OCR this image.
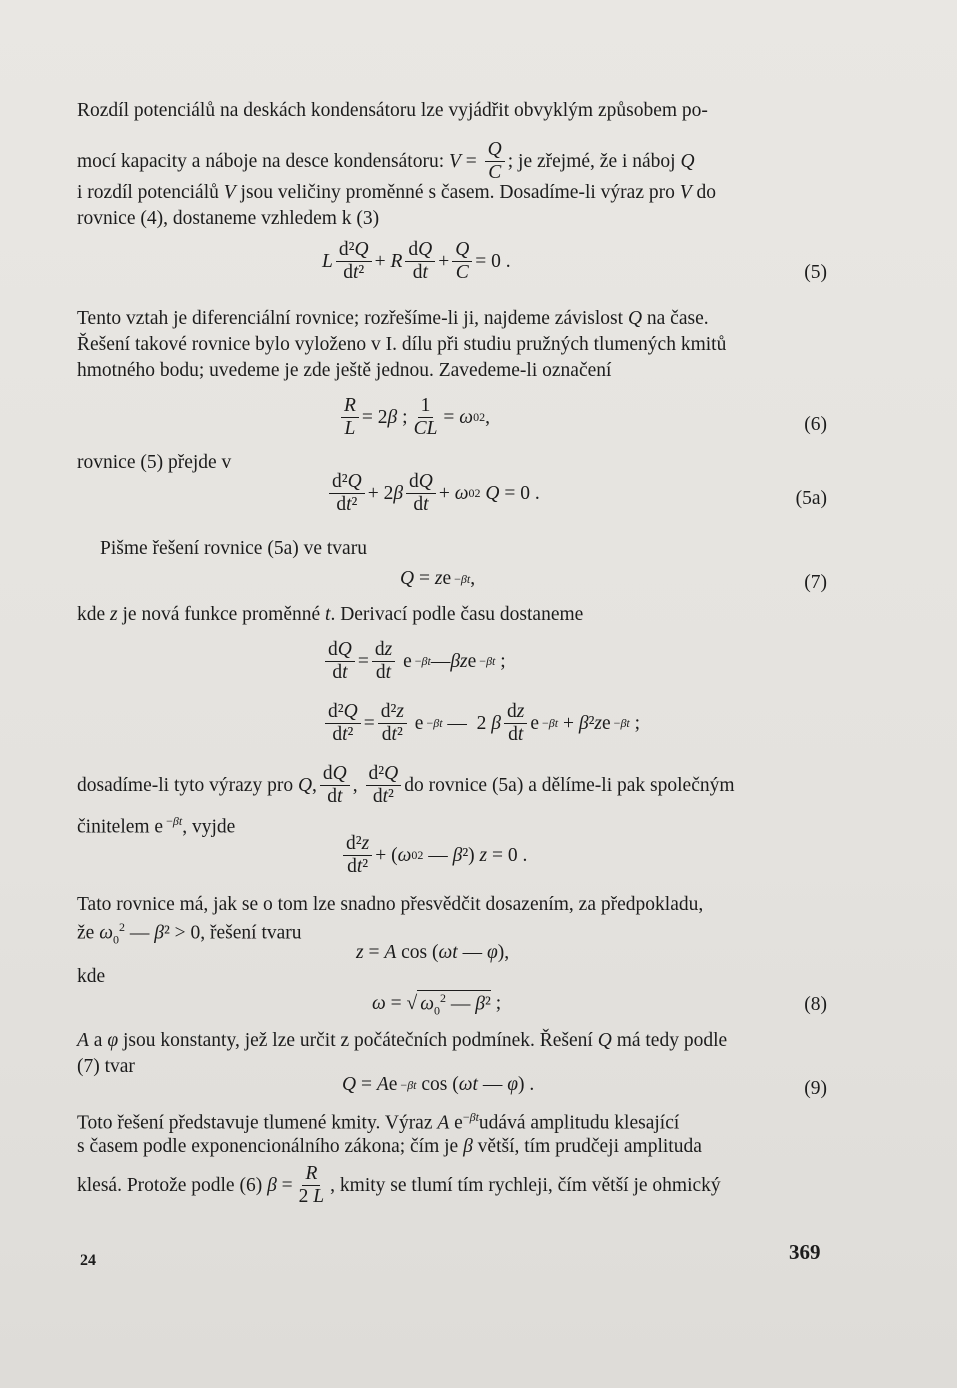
Rozdíl potenciálů na deskách kondensátoru lze vyjádřit obvyklým způsobem po-
mocí kapacity a náboje na desce kondensátoru: $V = \frac{Q}{C}$ ; je zřejmé, že i náboj Q
i rozdíl potenciálů V jsou veličiny proměnné s časem. Dosadíme-li výraz pro V do
rovnice (4), dostaneme vzhledem k (3)
L $\frac{\text{d²Q}}{\text{dt²}} + R \frac{dQ}{dt} + \frac{Q}{C} = 0$ .
(5)
Tento vztah je diferenciální rovnice; rozřešíme-li ji, najdeme závislost Q na čase.
Řešení takové rovnice bylo vyloženo v I. dílu při studiu pružných tlumených kmitů
hmotného bodu; uvedeme je zde ještě jednou. Zavedeme-li označení
$\frac{R}{L} = 2$ β ; $\frac{1}{CL} = \omega$ 0 2 ,	(6)
rovnice (5) přejde v
$\frac{\text{d²Q}}{\text{dt²}} + 2$ β $\frac{dQ}{dt} + \omega$ 0 2 Q = 0 .	(5a)
Pišme řešení rovnice (5a) ve tvaru
Q = z e −βt ,	(7)
kde z je nová funkce proměnné t. Derivací podle času dostaneme
$\frac{dQ}{dt} = \frac{dz}{dt}$ e −βt — βz e −βt ;
$\frac{\text{d²Q}}{\text{dt²}} = \frac{\text{d²z}}{\text{dt²}}$ e −βt —  2 β $\frac{dz}{dt}$ e −βt + β ² z e −βt ;
dosadíme-li tyto výrazy pro Q , $\frac{dQ}{dt}$ , $\frac{\text{d²Q}}{\text{dt²}}$ do rovnice (5a) a dělíme-li pak společným
činitelem e $^{-\beta t}$, vyjde
$\frac{\text{d²z}}{\text{dt²}}$ + ( ω 0 2 — β ²) z = 0 .
Tato rovnice má, jak se o tom lze snadno přesvědčit dosazením, za předpokladu,
že $\omega_0^2$ — β² > 0, řešení tvaru
z = A cos ( ωt — φ ),
kde
ω = √ $\omega_0^2$ — β² ;	(8)
A a φ jsou konstanty, jež lze určit z počátečních podmínek. Řešení Q má tedy podle
(7) tvar
Q = A e −βt cos ( ωt — φ ) .	(9)
Toto řešení představuje tlumené kmity. Výraz A $e^{-\beta t}udává$ amplitudu klesající
s časem podle exponencionálního zákona; čím je β větší, tím prudčeji amplituda
klesá. Protože podle (6) $\beta = \frac{R}{2 L}$ , kmity se tlumí tím rychleji, čím větší je ohmický
24	369
